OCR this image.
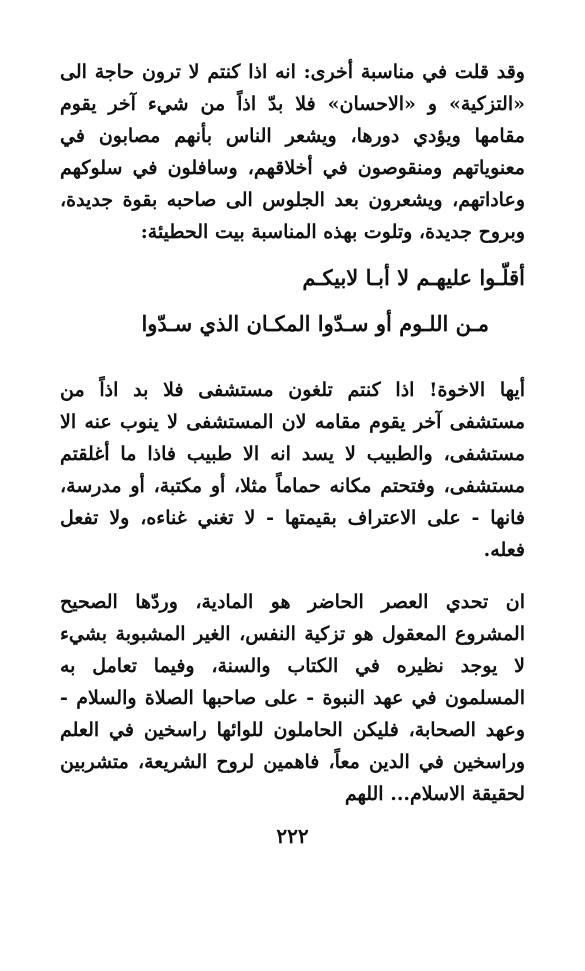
وقد قلت في مناسبة أخرى: انه اذا كنتم لا ترون حاجة الى «التزكية» و «الاحسان» فلا بدّ اذاً من شيء آخر يقوم مقامها ويؤدي دورها، ويشعر الناس بأنهم مصابون في معنوياتهم ومنقوصون في أخلاقهم، وسافلون في سلوكهم وعاداتهم، ويشعرون بعد الجلوس الى صاحبه بقوة جديدة، وبروح جديدة، وتلوت بهذه المناسبة بيت الحطيئة:

أقلّـوا عليهـم لا أبـا لابيكـم
مـن اللـوم أو سـدّوا المكـان الذي سـدّوا

أيها الاخوة! اذا كنتم تلغون مستشفى فلا بد اذاً من مستشفى آخر يقوم مقامه لان المستشفى لا ينوب عنه الا مستشفى، والطبيب لا يسد انه الا طبيب فاذا ما أغلقتم مستشفى، وفتحتم مكانه حماماً مثلا، أو مكتبة، أو مدرسة، فانها - على الاعتراف بقيمتها - لا تغني غناءه، ولا تفعل فعله.

ان تحدي العصر الحاضر هو المادية، وردّها الصحيح المشروع المعقول هو تزكية النفس، الغير المشبوبة بشيء لا يوجد نظيره في الكتاب والسنة، وفيما تعامل به المسلمون في عهد النبوة - على صاحبها الصلاة والسلام - وعهد الصحابة، فليكن الحاملون للوائها راسخين في العلم وراسخين في الدين معاً، فاهمين لروح الشريعة، متشربين لحقيقة الاسلام... اللهم

٢٢٢
